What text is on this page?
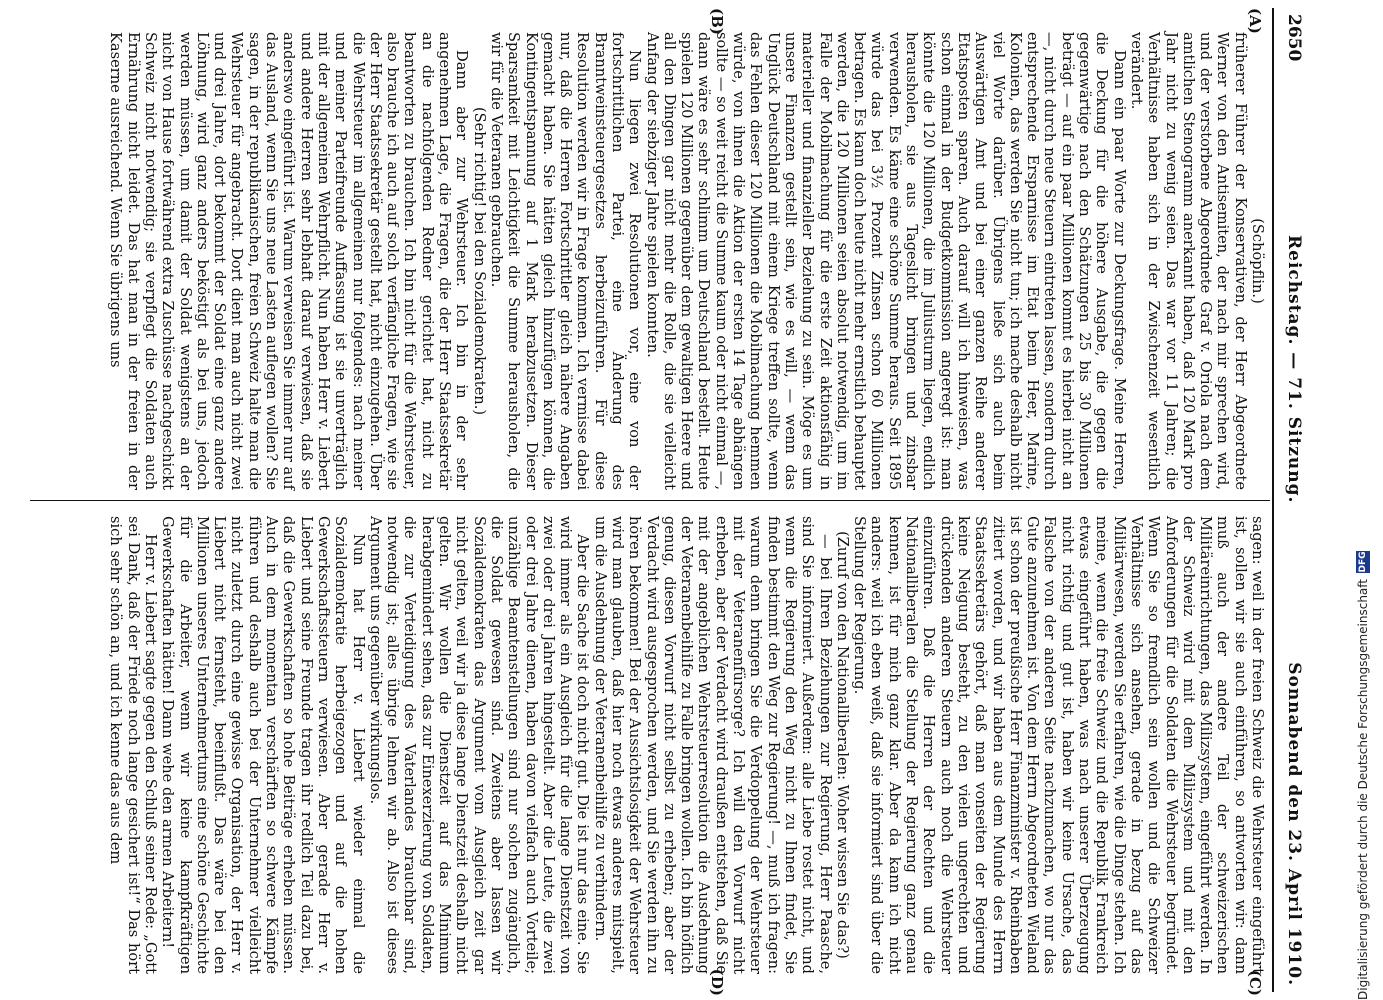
2650
Reichstag. — 71. Sitzung.
Sonnabend den 23. April 1910.
(A)
(B)
(C)
(D)

(Schöpflin.)

früherer Führer der Konservativen, der Herr Abgeordnete Werner von den Antisemiten, der nach mir sprechen wird, und der verstorbene Abgeordnete Graf v. Oriola nach dem amtlichen Stenogramm anerkannt haben, daß 120 Mark pro Jahr nicht zu wenig seien. Das war vor 11 Jahren; die Verhältnisse haben sich in der Zwischenzeit wesentlich verändert.

Dann ein paar Worte zur Deckungsfrage. Meine Herren, die Deckung für die höhere Ausgabe, die gegen die gegenwärtige nach den Schätzungen 25 bis 30 Millionen beträgt — auf ein paar Millionen kommt es hierbei nicht an —, nicht durch neue Steuern eintreten lassen, sondern durch entsprechende Ersparnisse im Etat beim Heer, Marine, Kolonien, das werden Sie nicht tun; ich mache deshalb nicht viel Worte darüber. Übrigens ließe sich auch beim Auswärtigen Amt und bei einer ganzen Reihe anderer Etatsposten sparen. Auch darauf will ich hinweisen, was schon einmal in der Budgetkommission angeregt ist: man könnte die 120 Millionen, die im Juliusturm liegen, endlich herausholen, sie aus Tageslicht bringen und zinsbar verwenden. Es käme eine schöne Summe heraus. Seit 1895 würde das bei 3½ Prozent Zinsen schon 60 Millionen betragen. Es kann doch heute nicht mehr ernstlich behauptet werden, die 120 Millionen seien absolut notwendig, um im Falle der Mobilmachung für die erste Zeit aktionsfähig in materieller und finanzieller Beziehung zu sein. Möge es um unsere Finanzen gestellt sein, wie es will, — wenn das Unglück Deutschland mit einem Kriege treffen sollte, wenn das Fehlen dieser 120 Millionen die Mobilmachung hemmen würde, von ihnen die Aktion der ersten 14 Tage abhängen sollte — so weit reicht die Summe kaum oder nicht einmal —, dann wäre es sehr schlimm um Deutschland bestellt. Heute spielen 120 Millionen gegenüber dem gewaltigen Heere und all den Dingen gar nicht mehr die Rolle, die sie vielleicht Anfang der siebziger Jahre spielen konnten.

Nun liegen zwei Resolutionen vor, eine von der fortschrittlichen Partei, eine Änderung des Branntweinsteuergesetzes herbeizuführen. Für diese Resolution werden wir in Frage kommen. Ich vermisse dabei nur, daß die Herren Fortschrittler gleich nähere Angaben gemacht haben. Sie hätten gleich hinzufügen können, die Kontingentspannung auf 1 Mark herabzusetzen. Dieser Sparsamkeit mit Leichtigkeit die Summe herausholen, die wir für die Veteranen gebrauchen.

(Sehr richtig! bei den Sozialdemokraten.)

Dann aber zur Wehrsteuer. Ich bin in der sehr angenehmen Lage, die Fragen, die der Herr Staatssekretär an die nachfolgenden Redner gerichtet hat, nicht zu beantworten zu brauchen. Ich bin nicht für die Wehrsteuer, also brauche ich auch auf solch verfängliche Fragen, wie sie der Herr Staatssekretär gestellt hat, nicht einzugehen. Über die Wehrsteuer im allgemeinen nur folgendes: nach meiner und meiner Parteifreunde Auffassung ist sie unverträglich mit der allgemeinen Wehrpflicht. Nun haben Herr v. Liebert und andere Herren sehr lebhaft darauf verwiesen, daß sie anderswo eingeführt ist. Warum verweisen Sie immer nur auf das Ausland, wenn Sie uns neue Lasten auflegen wollen? Sie sagen, in der republikanischen, freien Schweiz halte man die Wehrsteuer für angebracht. Dort dient man auch nicht zwei und drei Jahre, dort bekommt der Soldat eine ganz andere Löhnung, wird ganz anders beköstigt als bei uns, jedoch werden müssen, um damit der Soldat wenigstens an der nicht von Hause fortwährend extra Zuschüsse nachgeschickt Schweiz nicht notwendig; sie verpflegt die Soldaten auch Ernährung nicht leidet. Das hat man in der freien in der Kaserne ausreichend. Wenn Sie übrigens uns

sagen: weil in der freien Schweiz die Wehrsteuer eingeführt ist, sollen wir sie auch einführen, so antworten wir: dann muß auch der andere Teil der schweizerischen Militäreinrichtungen, das Milizsystem, eingeführt werden. In der Schweiz wird mit dem Milizsystem und mit den Anforderungen für die Soldaten die Wehrsteuer begründet. Wenn Sie so fremdlich sein wollen und die Schweizer Verhältnisse sich ansehen, gerade in bezug auf das Militärwesen, werden Sie erfahren, wie die Dinge stehen. Ich meine, wenn die freie Schweiz und die Republik Frankreich etwas eingeführt haben, was nach unserer Überzeugung nicht richtig und gut ist, haben wir keine Ursache, das Falsche von der anderen Seite nachzumachen, wo nur das Gute anzunehmen ist. Von dem Herrn Abgeordneten Wieland ist schon der preußische Herr Finanzminister v. Rheinbaben zitiert worden, und wir haben aus dem Munde des Herrn Staatssekretärs gehört, daß man vonseiten der Regierung keine Neigung besteht, zu den vielen ungerechten und drückenden anderen Steuern auch noch die Wehrsteuer einzuführen. Daß die Herren der Rechten und die Nationalliberalen die Stellung der Regierung ganz genau kennen, ist für mich ganz klar. Aber da kann ich nicht anders: weil ich eben weiß, daß sie informiert sind über die Stellung der Regierung.

(Zuruf von den Nationalliberalen: Woher wissen Sie das?)

— bei Ihren Beziehungen zur Regierung, Herr Paasche, sind Sie informiert. Außerdem: alle Liebe rostet nicht, und wenn die Regierung den Weg nicht zu Ihnen findet, Sie finden bestimmt den Weg zur Regierung! —, muß ich fragen: warum denn bringen Sie die Verdoppelung der Wehrsteuer mit der Veteranenfürsorge? Ich will den Vorwurf nicht erheben, aber der Verdacht wird draußen entstehen, daß Sie mit der angeblichen Wehrsteuerresolution die Ausdehnung der Veteranenbeihilfe zu Falle bringen wollen. Ich bin höflich genug, diesen Vorwurf nicht selbst zu erheben; aber der Verdacht wird ausgesprochen werden, und Sie werden ihn zu hören bekommen! Bei der Aussichtslosigkeit der Wehrsteuer wird man glauben, daß hier noch etwas anderes mitspielt, um die Ausdehnung der Veteranenbeihilfe zu verhindern.

Aber die Sache ist doch nicht gut. Die ist nur das eine. Sie wird immer als ein Ausgleich für die lange Dienstzeit von zwei oder drei Jahren hingestellt. Aber die Leute, die zwei oder drei Jahre dienen, haben davon vielfach auch Vorteile; unzählige Beamtenstellungen sind nur solchen zugänglich, die Soldat gewesen sind. Zweitens aber lassen wir Sozialdemokraten das Argument vom Ausgleich zeit gar nicht gelten, weil wir ja diese lange Dienstzeit deshalb nicht gelten. Wir wollen die Dienstzeit auf das Minimum herabgemindert sehen, das zur Einexerzierung von Soldaten, die zur Verteidigung des Vaterlandes brauchbar sind, notwendig ist; alles übrige lehnen wir ab. Also ist dieses Argument uns gegenüber wirkungslos.

Nun hat Herr v. Liebert wieder einmal die Sozialdemokratie herbeigezogen und auf die hohen Gewerkschaftssteuern verwiesen. Aber gerade Herr v. Liebert und seine Freunde tragen ihr redlich Teil dazu bei, daß die Gewerkschaften so hohe Beiträge erheben müssen. Auch in dem momentan verschärften so schwere Kämpfe führen und deshalb auch bei der Unternehmer vielleicht nicht zuletzt durch eine gewisse Organisation, der Herr v. Liebert nicht fernsteht, beeinflußt. Das wäre bei den Millionen unseres Unternehmertums eine schöne Geschichte für die Arbeiter, wenn wir keine kampfkräftigen Gewerkschaften hätten! Dann wehe den armen Arbeitern!

Herr v. Liebert sagte gegen den Schluß seiner Rede: „Gott sei Dank, daß der Friede noch lange gesichert ist!“ Das hört sich sehr schön an, und ich kenne das aus dem	Digitalisierung gefördert durch die Deutsche Forschungsgemeinschaft
DFG
